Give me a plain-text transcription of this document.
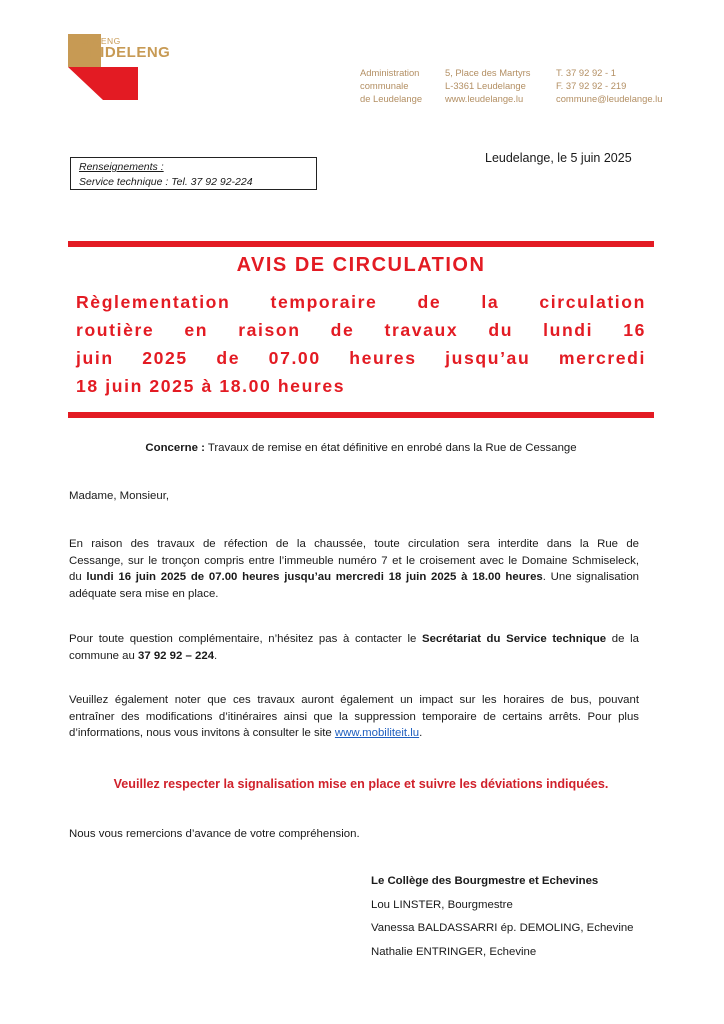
GEMENG
LEIDELENG
Administration
communale
de Leudelange
5, Place des Martyrs
L-3361 Leudelange
www.leudelange.lu
T. 37 92 92 - 1
F. 37 92 92 - 219
commune@leudelange.lu
Renseignements :
Service technique : Tel. 37 92 92-224
Leudelange, le 5 juin 2025
AVIS DE CIRCULATION
Règlementation temporaire de la circulation
routière en raison de travaux du lundi 16
juin 2025 de 07.00 heures jusqu’au mercredi
18 juin 2025 à 18.00 heures
Concerne : Travaux de remise en état définitive en enrobé dans la Rue de Cessange
Madame, Monsieur,
En raison des travaux de réfection de la chaussée, toute circulation sera interdite dans la Rue de
Cessange, sur le tronçon compris entre l’immeuble numéro 7 et le croisement avec le Domaine Schmiseleck,
du lundi 16 juin 2025 de 07.00 heures jusqu’au mercredi 18 juin 2025 à 18.00 heures. Une signalisation
adéquate sera mise en place.
Pour toute question complémentaire, n’hésitez pas à contacter le Secrétariat du Service technique de la
commune au 37 92 92 – 224.
Veuillez également noter que ces travaux auront également un impact sur les horaires de bus, pouvant
entraîner des modifications d’itinéraires ainsi que la suppression temporaire de certains arrêts. Pour plus
d’informations, nous vous invitons à consulter le site www.mobiliteit.lu.
Veuillez respecter la signalisation mise en place et suivre les déviations indiquées.
Nous vous remercions d’avance de votre compréhension.
Le Collège des Bourgmestre et Echevines
Lou LINSTER, Bourgmestre
Vanessa BALDASSARRI ép. DEMOLING, Echevine
Nathalie ENTRINGER, Echevine
